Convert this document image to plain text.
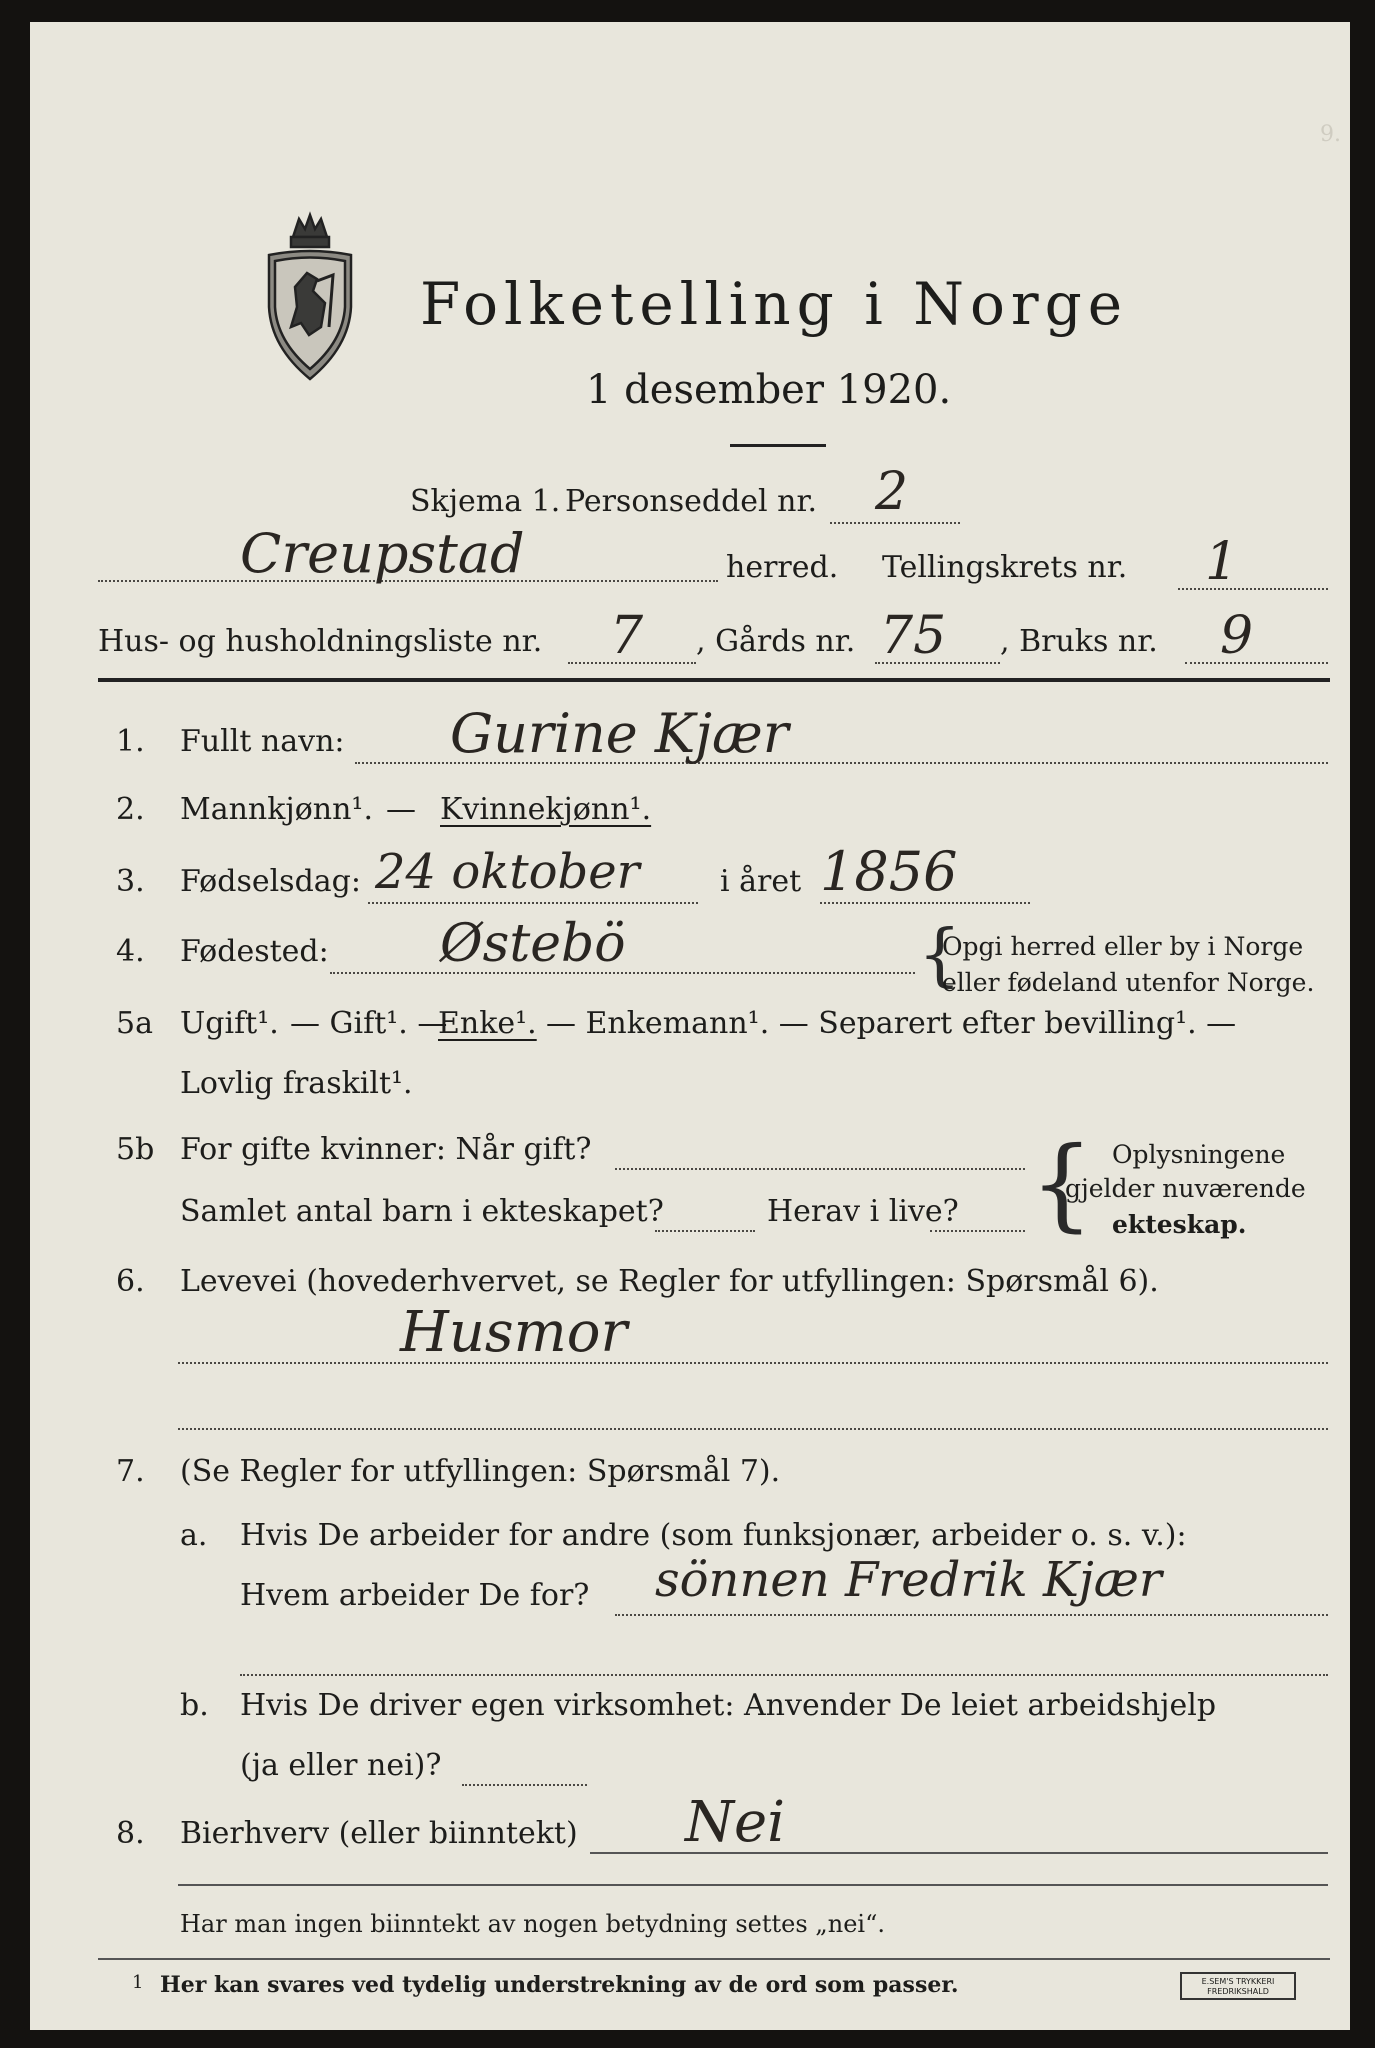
9.
Folketelling i Norge
1 desember 1920.
Skjema 1. Personseddel nr. 2
Creupstad	herred. Tellingskrets nr. 1
Hus- og husholdningsliste nr. 7 , Gårds nr. 75 , Bruks nr. 9
1. Fullt navn: Gurine Kjær
2. Mannkjønn¹. — Kvinnekjønn¹.
3. Fødselsdag: 24 oktober	i året 1856
4. Fødested: Østebö	{
Opgi herred eller by i Norge
eller fødeland utenfor Norge.
5a Ugift¹. — Gift¹. —
Enke¹. — Enkemann¹. — Separert efter bevilling¹. —
Lovlig fraskilt¹.
5b For gifte kvinner: Når gift?
Samlet antal barn i ekteskapet?	Herav i live? { Oplysningene
gjelder nuværende
ekteskap.
6. Levevei (hovederhvervet, se Regler for utfyllingen: Spørsmål 6).
Husmor
7. (Se Regler for utfyllingen: Spørsmål 7).
a. Hvis De arbeider for andre (som funksjonær, arbeider o. s. v.):
Hvem arbeider De for? sönnen Fredrik Kjær
b. Hvis De driver egen virksomhet: Anvender De leiet arbeidshjelp
(ja eller nei)?
8. Bierhverv (eller biinntekt) Nei
Har man ingen biinntekt av nogen betydning settes „nei“.
1 Her kan svares ved tydelig understrekning av de ord som passer.	E.SEM'S TRYKKERI
FREDRIKSHALD
